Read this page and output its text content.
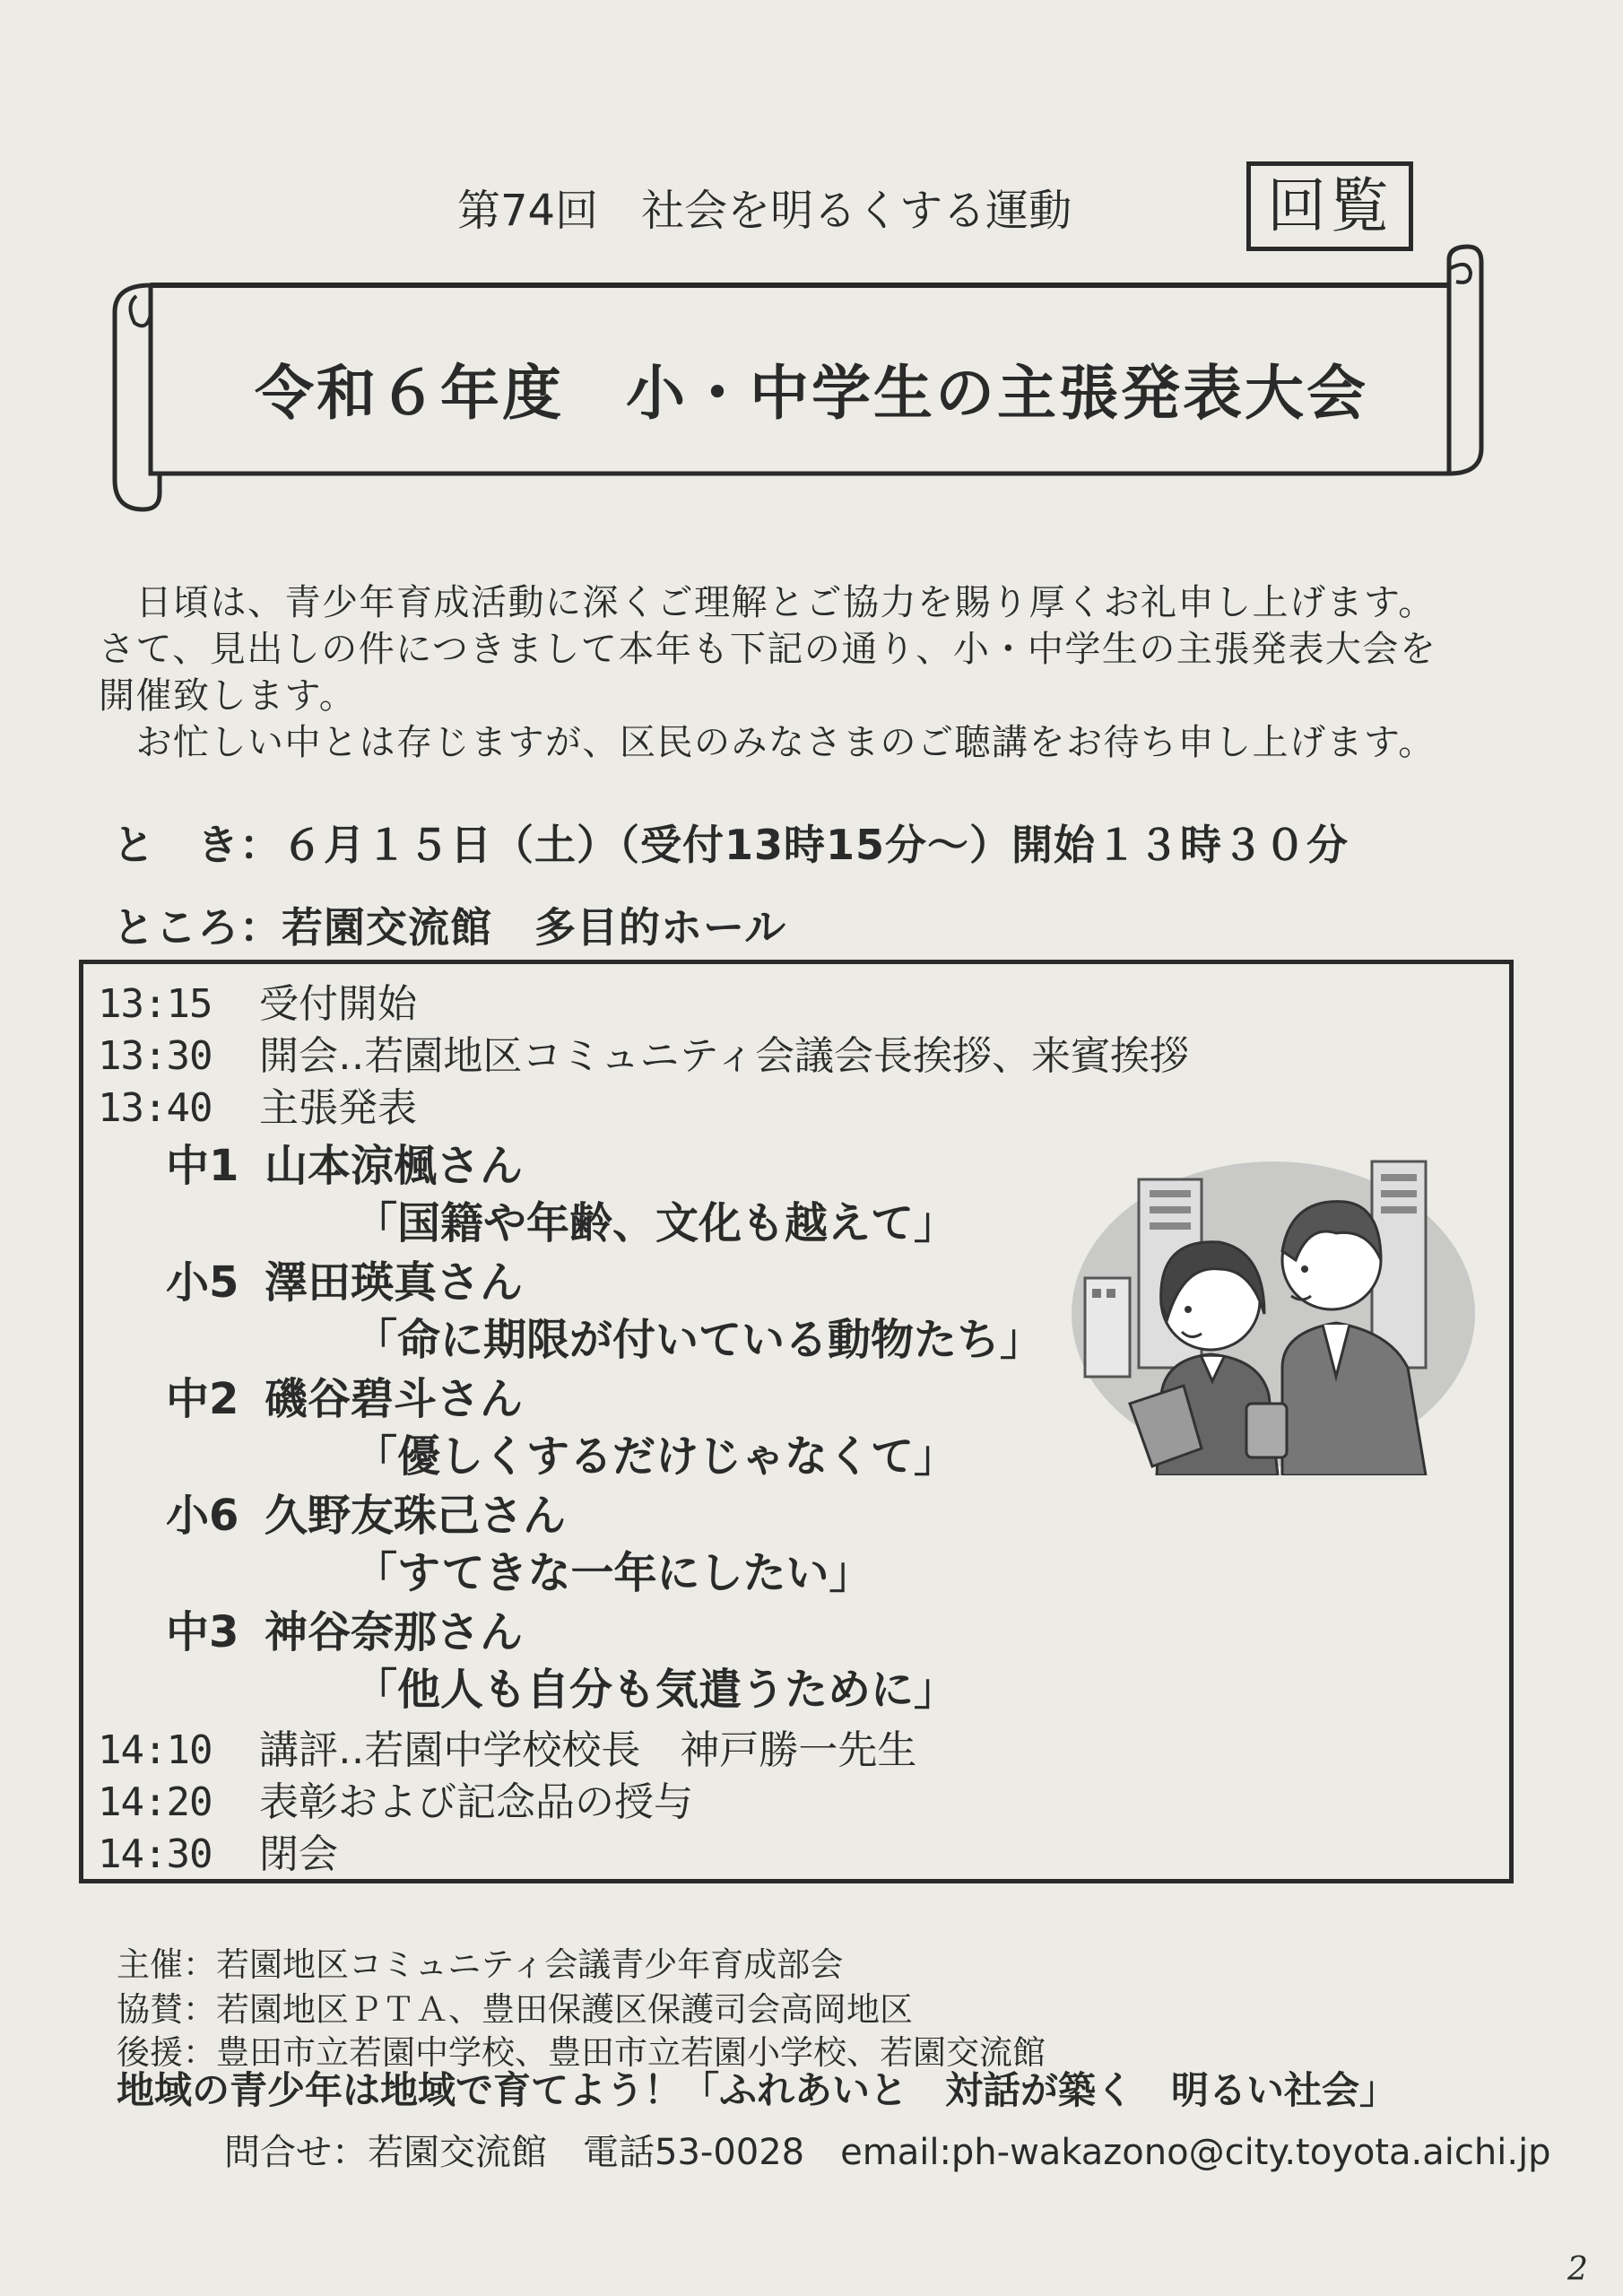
第74回　社会を明るくする運動	回覧
令和６年度　小・中学生の主張発表大会
　日頃は、青少年育成活動に深くご理解とご協力を賜り厚くお礼申し上げます。
さて、見出しの件につきまして本年も下記の通り、小・中学生の主張発表大会を
開催致します。
　お忙しい中とは存じますが、区民のみなさまのご聴講をお待ち申し上げます。
と　き：６月１５日（土）（受付13時15分～）開始１３時３０分
ところ：若園交流館　多目的ホール
13:15 受付開始
13:30 開会‥若園地区コミュニティ会議会長挨拶、来賓挨拶
13:40 主張発表
中1 山本涼楓さん
「国籍や年齢、文化も越えて」
小5 澤田瑛真さん
「命に期限が付いている動物たち」
中2 磯谷碧斗さん
「優しくするだけじゃなくて」
小6 久野友珠己さん
「すてきな一年にしたい」
中3 神谷奈那さん
「他人も自分も気遣うために」
14:10 講評‥若園中学校校長　神戸勝一先生
14:20 表彰および記念品の授与
14:30 閉会
主催：若園地区コミュニティ会議青少年育成部会
協賛：若園地区ＰＴＡ、豊田保護区保護司会高岡地区
後援：豊田市立若園中学校、豊田市立若園小学校、若園交流館
地域の青少年は地域で育てよう！「ふれあいと　対話が築く　明るい社会」
問合せ：若園交流館　電話53-0028　email:ph-wakazono@city.toyota.aichi.jp
2
